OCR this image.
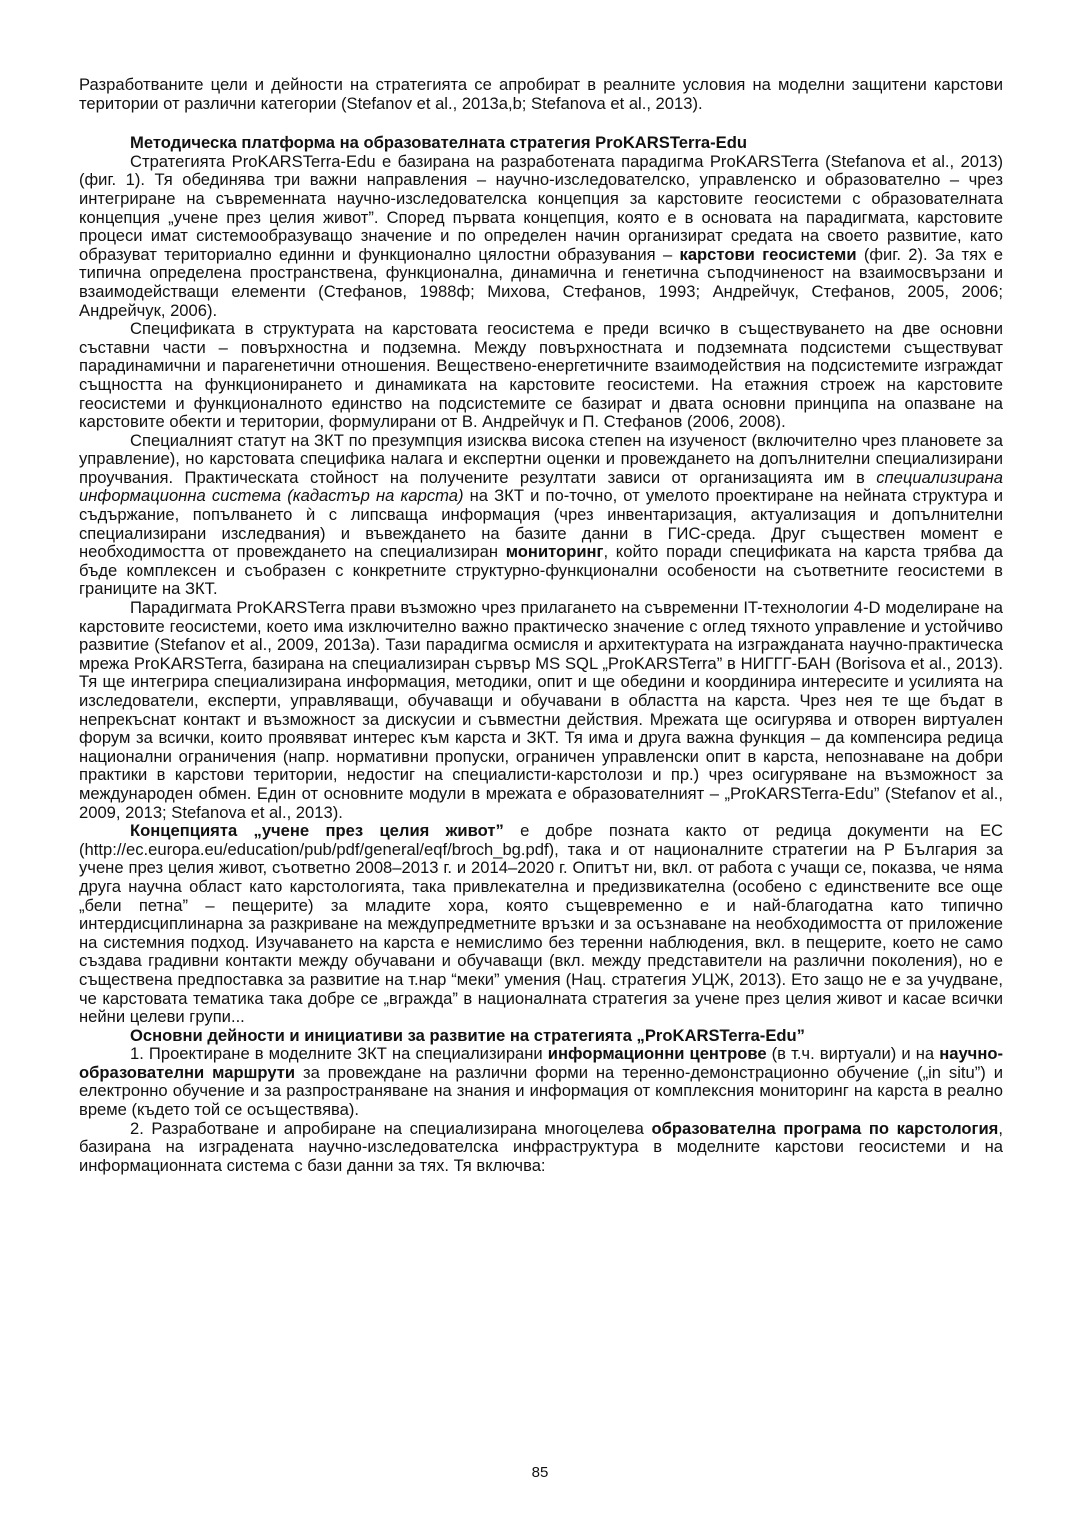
Разработваните цели и дейности на стратегията се апробират в реалните условия на моделни защитени карстови територии от различни категории (Stefanov et al., 2013a,b; Stefanova et al., 2013).

Методическа платформа на образователната стратегия ProKARSTerra-Edu

Стратегията ProKARSTerra-Edu е базирана на разработената парадигма ProKARSTerra (Stefanova et al., 2013) (фиг. 1). Тя обединява три важни направления – научно-изследователско, управленско и образователно – чрез интегриране на съвременната научно-изследователска концепция за карстовите геосистеми с образователната концепция „учене през целия живот”. Според първата концепция, която е в основата на парадигмата, карстовите процеси имат системообразуващо значение и по определен начин организират средата на своето развитие, като образуват териториално единни и функционално цялостни образувания – карстови геосистеми (фиг. 2). За тях е типична определена пространствена, функционална, динамична и генетична съподчиненост на взаимосвързани и взаимодействащи елементи (Стефанов, 1988ф; Михова, Стефанов, 1993; Андрейчук, Стефанов, 2005, 2006; Андрейчук, 2006).

Спецификата в структурата на карстовата геосистема е преди всичко в съществуването на две основни съставни части – повърхностна и подземна. Между повърхностната и подземната подсистеми съществуват парадинамични и парагенетични отношения. Вещественo-енергетичните взаимодействия на подсистемите изграждат същността на функционирането и динамиката на карстовите геосистеми. На етажния строеж на карстовите геосистеми и функционалното единство на подсистемите се базират и двата основни принципа на опазване на карстовите обекти и територии, формулирани от В. Андрейчук и П. Стефанов (2006, 2008).

Специалният статут на ЗКТ по презумпция изисква висока степен на изученост (включително чрез плановете за управление), но карстовата специфика налага и експертни оценки и провеждането на допълнителни специализирани проучвания. Практическата стойност на получените резултати зависи от организацията им в специализирана информационна система (кадастър на карста) на ЗКТ и по-точно, от умелото проектиране на нейната структура и съдържание, попълването ѝ с липсваща информация (чрез инвентаризация, актуализация и допълнителни специализирани изследвания) и въвеждането на базите данни в ГИС-среда. Друг съществен момент е необходимостта от провеждането на специализиран мониторинг, който поради спецификата на карста трябва да бъде комплексен и съобразен с конкретните структурно-функционални особености на съответните геосистеми в границите на ЗКТ.

Парадигмата ProKARSTerra прави възможно чрез прилагането на съвременни IT-технологии 4-D моделиране на карстовите геосистеми, което има изключително важно практическо значение с оглед тяхното управление и устойчиво развитие (Stefanov et al., 2009, 2013a). Тази парадигма осмисля и архитектурата на изгражданата научно-практическа мрежа ProKARSTerra, базирана на специализиран сървър MS SQL „ProKARSTerra” в НИГГГ-БАН (Borisova et al., 2013). Тя ще интегрира специализирана информация, методики, опит и ще обедини и координира интересите и усилията на изследователи, експерти, управляващи, обучаващи и обучавани в областта на карста. Чрез нея те ще бъдат в непрекъснат контакт и възможност за дискусии и съвместни действия. Мрежата ще осигурява и отворен виртуален форум за всички, които проявяват интерес към карста и ЗКТ. Тя има и друга важна функция – да компенсира редица национални ограничения (напр. нормативни пропуски, ограничен управленски опит в карста, непознаване на добри практики в карстови територии, недостиг на специалисти-карстолози и пр.) чрез осигуряване на възможност за международен обмен. Един от основните модули в мрежата е образователният – „ProKARSTerra-Edu” (Stefanov et al., 2009, 2013; Stefanova et al., 2013).

Концепцията „учене през целия живот” е добре позната както от редица документи на ЕС (http://ec.europa.eu/education/pub/pdf/general/eqf/broch_bg.pdf), така и от националните стратегии на Р България за учене през целия живот, съответно 2008–2013 г. и 2014–2020 г. Опитът ни, вкл. от работа с учащи се, показва, че няма друга научна област като карстологията, така привлекателна и предизвикателна (особено с единствените все още „бели петна” – пещерите) за младите хора, която същевременно е и най-благодатна като типично интердисциплинарна за разкриване на междупредметните връзки и за осъзнаване на необходимостта от приложение на системния подход. Изучаването на карста е немислимо без теренни наблюдения, вкл. в пещерите, което не само създава градивни контакти между обучавани и обучаващи (вкл. между представители на различни поколения), но е съществена предпоставка за развитие на т.нар “меки” умения (Нац. стратегия УЦЖ, 2013). Ето защо не е за учудване, че карстовата тематика така добре се „вгражда” в националната стратегия за учене през целия живот и касае всички нейни целеви групи...

Основни дейности и инициативи за развитие на стратегията „ProKARSTerra-Edu”

1. Проектиране в моделните ЗКТ на специализирани информационни центрове (в т.ч. виртуали) и на научно-образователни маршрути за провеждане на различни форми на теренно-демонстрационно обучение („in situ”) и електронно обучение и за разпространяване на знания и информация от комплексния мониторинг на карста в реално време (където той се осъществява).

2. Разработване и апробиране на специализирана многоцелева образователна програма по карстология, базирана на изградената научно-изследователска инфраструктура в моделните карстови геосистеми и на информационната система с бази данни за тях. Тя включва:

85
